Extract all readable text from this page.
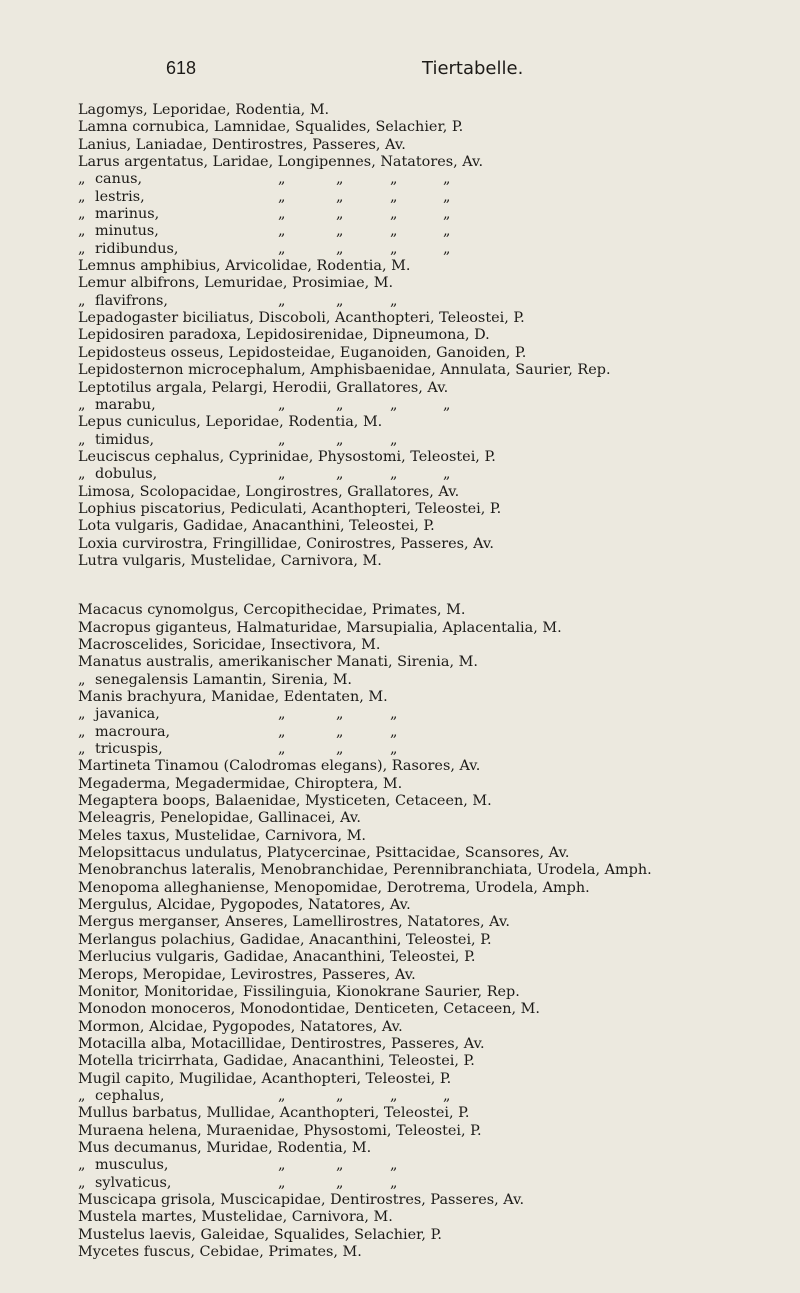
618	Tiertabelle.
Lagomys, Leporidae, Rodentia, M.
Lamna cornubica, Lamnidae, Squalides, Selachier, P.
Lanius, Laniadae, Dentirostres, Passeres, Av.
Larus argentatus, Laridae, Longipennes, Natatores, Av.
„ canus,	„	„	„	„
„ lestris,	„	„	„	„
„ marinus,	„	„	„	„
„ minutus,	„	„	„	„
„ ridibundus,	„	„	„	„
Lemnus amphibius, Arvicolidae, Rodentia, M.
Lemur albifrons, Lemuridae, Prosimiae, M.
„ flavifrons,	„	„	„
Lepadogaster biciliatus, Discoboli, Acanthopteri, Teleostei, P.
Lepidosiren paradoxa, Lepidosirenidae, Dipneumona, D.
Lepidosteus osseus, Lepidosteidae, Euganoiden, Ganoiden, P.
Lepidosternon microcephalum, Amphisbaenidae, Annulata, Saurier, Rep.
Leptotilus argala, Pelargi, Herodii, Grallatores, Av.
„ marabu,	„	„	„	„
Lepus cuniculus, Leporidae, Rodentia, M.
„ timidus,	„	„	„
Leuciscus cephalus, Cyprinidae, Physostomi, Teleostei, P.
„ dobulus,	„	„	„	„
Limosa, Scolopacidae, Longirostres, Grallatores, Av.
Lophius piscatorius, Pediculati, Acanthopteri, Teleostei, P.
Lota vulgaris, Gadidae, Anacanthini, Teleostei, P.
Loxia curvirostra, Fringillidae, Conirostres, Passeres, Av.
Lutra vulgaris, Mustelidae, Carnivora, M.
Macacus cynomolgus, Cercopithecidae, Primates, M.
Macropus giganteus, Halmaturidae, Marsupialia, Aplacentalia, M.
Macroscelides, Soricidae, Insectivora, M.
Manatus australis, amerikanischer Manati, Sirenia, M.
„ senegalensis Lamantin, Sirenia, M.
Manis brachyura, Manidae, Edentaten, M.
„ javanica,	„	„	„
„ macroura,	„	„	„
„ tricuspis,	„	„	„
Martineta Tinamou (Calodromas elegans), Rasores, Av.
Megaderma, Megadermidae, Chiroptera, M.
Megaptera boops, Balaenidae, Mysticeten, Cetaceen, M.
Meleagris, Penelopidae, Gallinacei, Av.
Meles taxus, Mustelidae, Carnivora, M.
Melopsittacus undulatus, Platycercinae, Psittacidae, Scansores, Av.
Menobranchus lateralis, Menobranchidae, Perennibranchiata, Urodela, Amph.
Menopoma alleghaniense, Menopomidae, Derotrema, Urodela, Amph.
Mergulus, Alcidae, Pygopodes, Natatores, Av.
Mergus merganser, Anseres, Lamellirostres, Natatores, Av.
Merlangus polachius, Gadidae, Anacanthini, Teleostei, P.
Merlucius vulgaris, Gadidae, Anacanthini, Teleostei, P.
Merops, Meropidae, Levirostres, Passeres, Av.
Monitor, Monitoridae, Fissilinguia, Kionokrane Saurier, Rep.
Monodon monoceros, Monodontidae, Denticeten, Cetaceen, M.
Mormon, Alcidae, Pygopodes, Natatores, Av.
Motacilla alba, Motacillidae, Dentirostres, Passeres, Av.
Motella tricirrhata, Gadidae, Anacanthini, Teleostei, P.
Mugil capito, Mugilidae, Acanthopteri, Teleostei, P.
„ cephalus,	„	„	„	„
Mullus barbatus, Mullidae, Acanthopteri, Teleostei, P.
Muraena helena, Muraenidae, Physostomi, Teleostei, P.
Mus decumanus, Muridae, Rodentia, M.
„ musculus,	„	„	„
„ sylvaticus,	„	„	„
Muscicapa grisola, Muscicapidae, Dentirostres, Passeres, Av.
Mustela martes, Mustelidae, Carnivora, M.
Mustelus laevis, Galeidae, Squalides, Selachier, P.
Mycetes fuscus, Cebidae, Primates, M.
